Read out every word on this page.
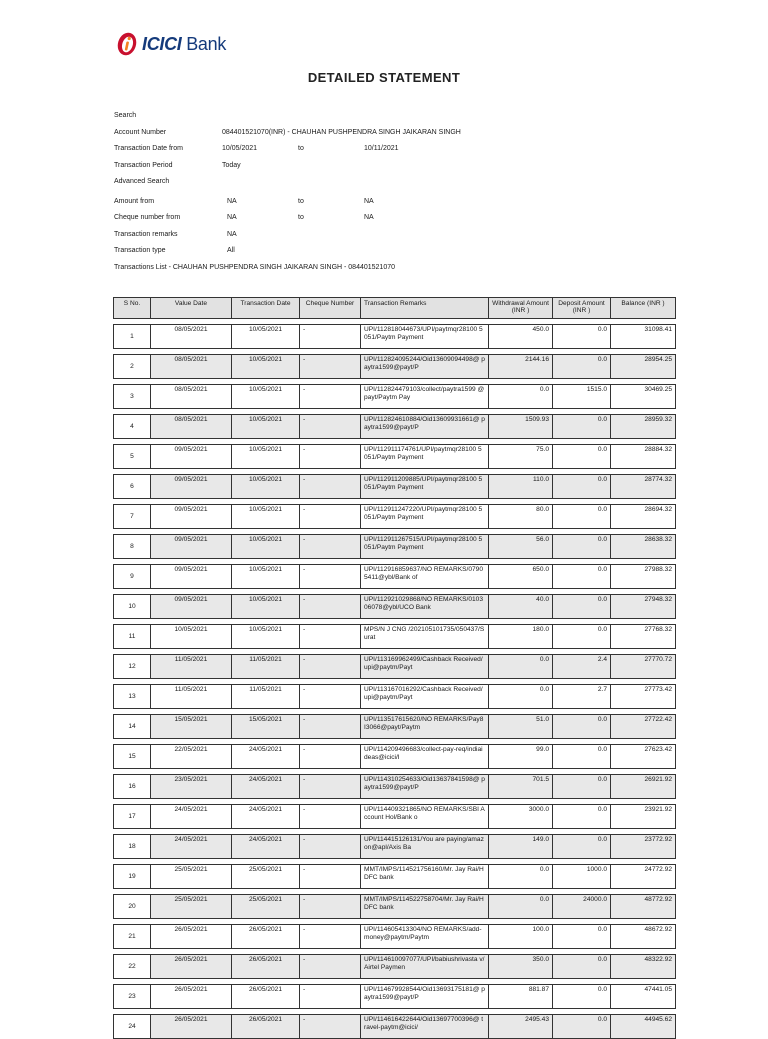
ICICI Bank
DETAILED STATEMENT
Search
Account Number	084401521070(INR) - CHAUHAN PUSHPENDRA SINGH JAIKARAN SINGH
Transaction Date from	10/05/2021	to	10/11/2021
Transaction Period	Today
Advanced Search
Amount from	NA	to	NA
Cheque number from	NA	to	NA
Transaction remarks	NA
Transaction type	All
Transactions List - CHAUHAN PUSHPENDRA SINGH JAIKARAN SINGH - 084401521070
S No.	Value Date	Transaction Date	Cheque Number	Transaction Remarks	Withdrawal Amount (INR )	Deposit Amount (INR )	Balance (INR )

1	08/05/2021	10/05/2021	-	UPI/112818044673/UPI/paytmqr28100 5051/Paytm Payment	450.0	0.0	31098.41

2	08/05/2021	10/05/2021	-	UPI/112824095244/Oid13609094498@ paytra1599@payt/P	2144.16	0.0	28954.25

3	08/05/2021	10/05/2021	-	UPI/112824479103/collect/paytra1599 @payt/Paytm Pay	0.0	1515.0	30469.25

4	08/05/2021	10/05/2021	-	UPI/112824610884/Oid13609931661@ paytra1599@payt/P	1509.93	0.0	28959.32

5	09/05/2021	10/05/2021	-	UPI/112911174761/UPI/paytmqr28100 5051/Paytm Payment	75.0	0.0	28884.32

6	09/05/2021	10/05/2021	-	UPI/112911209885/UPI/paytmqr28100 5051/Paytm Payment	110.0	0.0	28774.32

7	09/05/2021	10/05/2021	-	UPI/112911247220/UPI/paytmqr28100 5051/Paytm Payment	80.0	0.0	28694.32

8	09/05/2021	10/05/2021	-	UPI/112911267515/UPI/paytmqr28100 5051/Paytm Payment	56.0	0.0	28638.32

9	09/05/2021	10/05/2021	-	UPI/112916859637/NO REMARKS/07905411@ybl/Bank of	650.0	0.0	27988.32

10	09/05/2021	10/05/2021	-	UPI/112921029868/NO REMARKS/010306078@ybl/UCO Bank	40.0	0.0	27948.32

11	10/05/2021	10/05/2021	-	MPS/N J CNG /202105101735/050437/Surat	180.0	0.0	27768.32

12	11/05/2021	11/05/2021	-	UPI/113169962499/Cashback Received/upi@paytm/Payt	0.0	2.4	27770.72

13	11/05/2021	11/05/2021	-	UPI/113167016292/Cashback Received/upi@paytm/Payt	0.0	2.7	27773.42

14	15/05/2021	15/05/2021	-	UPI/113517615620/NO REMARKS/Pay8I3066@payt/Paytm	51.0	0.0	27722.42

15	22/05/2021	24/05/2021	-	UPI/114209496683/collect-pay-req/indiaideas@icici/I	99.0	0.0	27623.42

16	23/05/2021	24/05/2021	-	UPI/114310254633/Oid13637841598@ paytra1599@payt/P	701.5	0.0	26921.92

17	24/05/2021	24/05/2021	-	UPI/114409321865/NO REMARKS/SBI Account Hol/Bank o	3000.0	0.0	23921.92

18	24/05/2021	24/05/2021	-	UPI/114415126131/You are paying/amazon@apl/Axis Ba	149.0	0.0	23772.92

19	25/05/2021	25/05/2021	-	MMT/IMPS/114521756160/Mr. Jay Rai/HDFC bank	0.0	1000.0	24772.92

20	25/05/2021	25/05/2021	-	MMT/IMPS/114522758704/Mr. Jay Rai/HDFC bank	0.0	24000.0	48772.92

21	26/05/2021	26/05/2021	-	UPI/114605413304/NO REMARKS/add-money@paytm/Paytm	100.0	0.0	48672.92

22	26/05/2021	26/05/2021	-	UPI/114610097077/UPI/babiushrivasta v/Airtel Paymen	350.0	0.0	48322.92

23	26/05/2021	26/05/2021	-	UPI/114679928544/Oid13693175181@ paytra1599@payt/P	881.87	0.0	47441.05

24	26/05/2021	26/05/2021	-	UPI/114616422644/Oid13697700396@ travel-paytm@icici/	2495.43	0.0	44945.62
